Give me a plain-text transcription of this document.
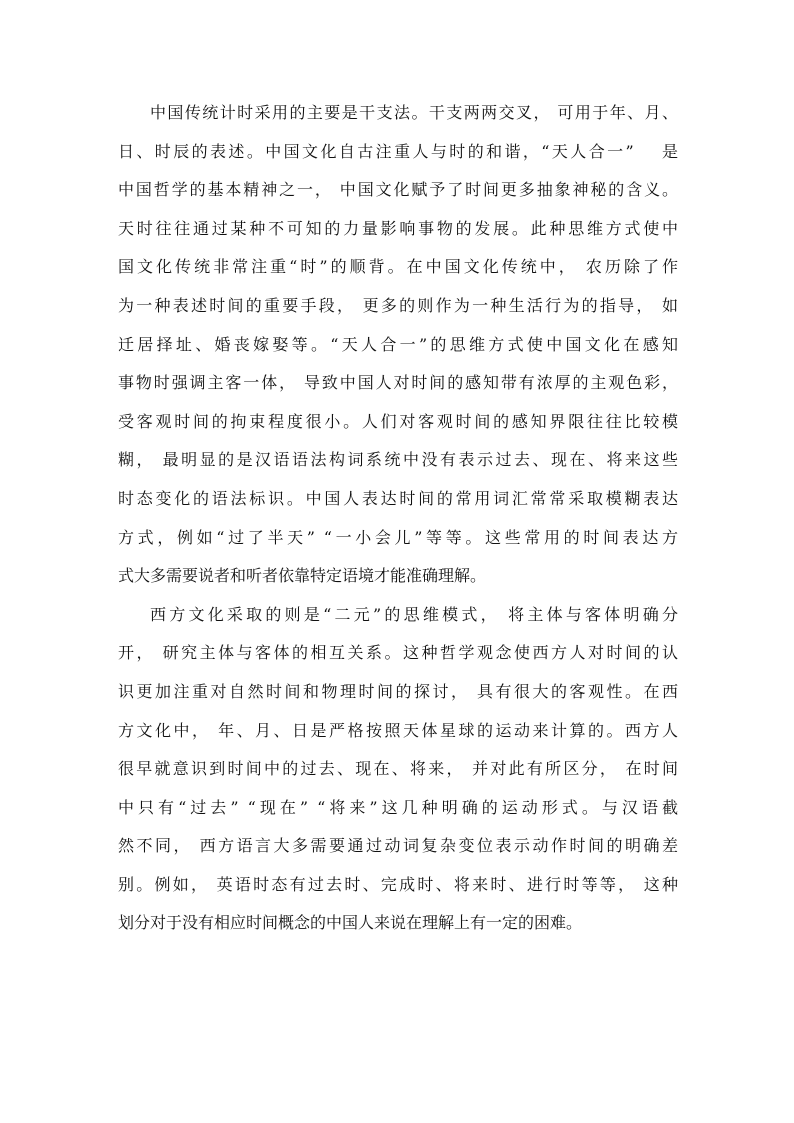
中国传统计时采用的主要是干支法。干支两两交叉， 可用于年、月、
日、时辰的表述。中国文化自古注重人与时的和谐，“天人合一”　 是
中国哲学的基本精神之一， 中国文化赋予了时间更多抽象神秘的含义。
天时往往通过某种不可知的力量影响事物的发展。此种思维方式使中
国文化传统非常注重“时”的顺背。在中国文化传统中， 农历除了作
为一种表述时间的重要手段， 更多的则作为一种生活行为的指导， 如
迁居择址、婚丧嫁娶等。“天人合一”的思维方式使中国文化在感知
事物时强调主客一体， 导致中国人对时间的感知带有浓厚的主观色彩，
受客观时间的拘束程度很小。人们对客观时间的感知界限往往比较模
糊， 最明显的是汉语语法构词系统中没有表示过去、现在、将来这些
时态变化的语法标识。中国人表达时间的常用词汇常常采取模糊表达
方式，例如“过了半天” “一小会儿”等等。这些常用的时间表达方
式大多需要说者和听者依靠特定语境才能准确理解。
西方文化采取的则是“二元”的思维模式， 将主体与客体明确分
开， 研究主体与客体的相互关系。这种哲学观念使西方人对时间的认
识更加注重对自然时间和物理时间的探讨， 具有很大的客观性。在西
方文化中， 年、月、日是严格按照天体星球的运动来计算的。西方人
很早就意识到时间中的过去、现在、将来， 并对此有所区分， 在时间
中只有“过去” “现在” “将来”这几种明确的运动形式。与汉语截
然不同， 西方语言大多需要通过动词复杂变位表示动作时间的明确差
别。例如， 英语时态有过去时、完成时、将来时、进行时等等， 这种
划分对于没有相应时间概念的中国人来说在理解上有一定的困难。
